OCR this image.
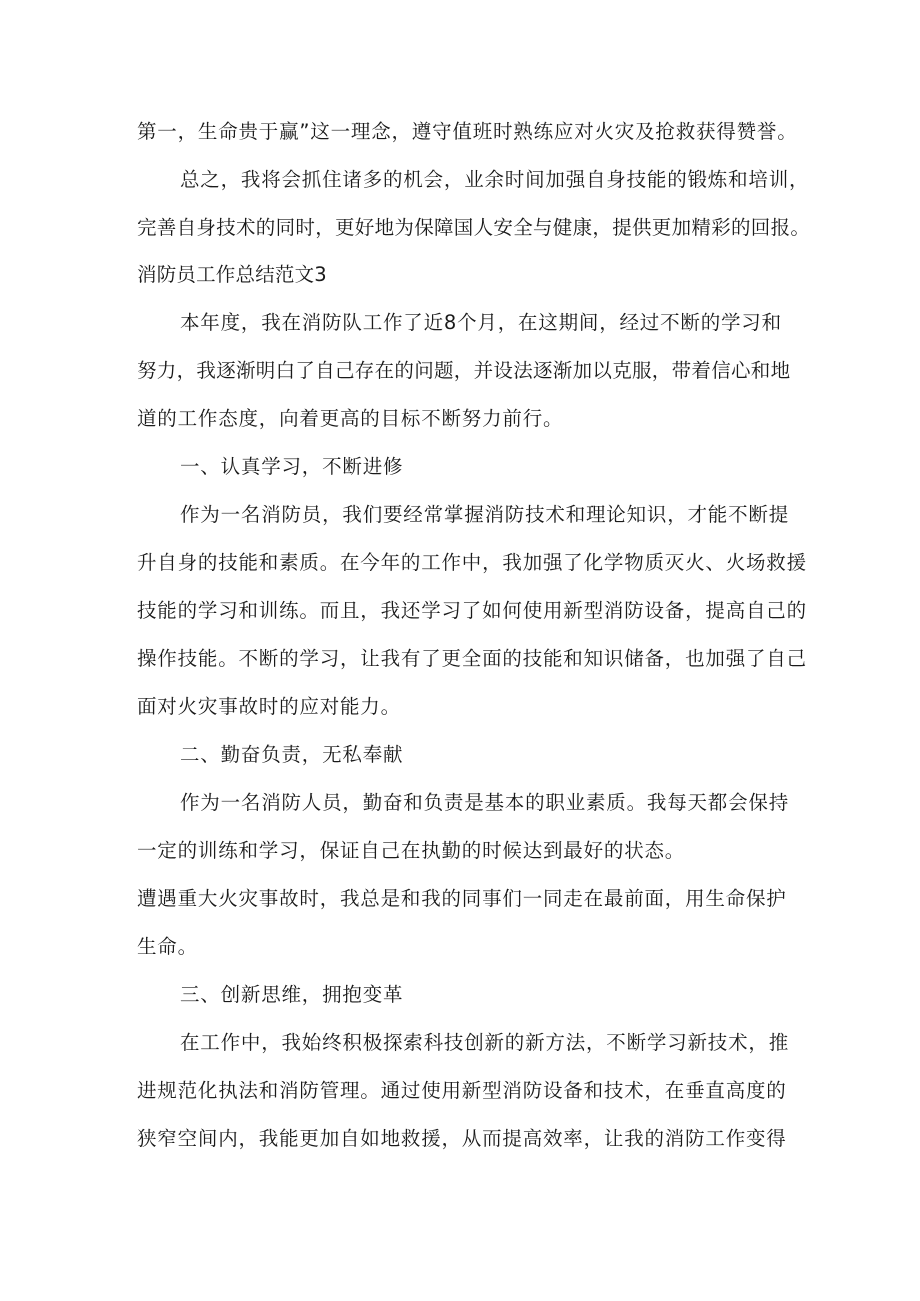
第一，生命贵于赢”这一理念，遵守值班时熟练应对火灾及抢救获得赞誉。
总之，我将会抓住诸多的机会，业余时间加强自身技能的锻炼和培训，
完善自身技术的同时，更好地为保障国人安全与健康，提供更加精彩的回报。
消防员工作总结范文3
本年度，我在消防队工作了近8个月，在这期间，经过不断的学习和
努力，我逐渐明白了自己存在的问题，并设法逐渐加以克服，带着信心和地
道的工作态度，向着更高的目标不断努力前行。
一、认真学习，不断进修
作为一名消防员，我们要经常掌握消防技术和理论知识，才能不断提
升自身的技能和素质。在今年的工作中，我加强了化学物质灭火、火场救援
技能的学习和训练。而且，我还学习了如何使用新型消防设备，提高自己的
操作技能。不断的学习，让我有了更全面的技能和知识储备，也加强了自己
面对火灾事故时的应对能力。
二、勤奋负责，无私奉献
作为一名消防人员，勤奋和负责是基本的职业素质。我每天都会保持
一定的训练和学习，保证自己在执勤的时候达到最好的状态。
遭遇重大火灾事故时，我总是和我的同事们一同走在最前面，用生命保护
生命。
三、创新思维，拥抱变革
在工作中，我始终积极探索科技创新的新方法，不断学习新技术，推
进规范化执法和消防管理。通过使用新型消防设备和技术，在垂直高度的
狭窄空间内，我能更加自如地救援，从而提高效率，让我的消防工作变得
